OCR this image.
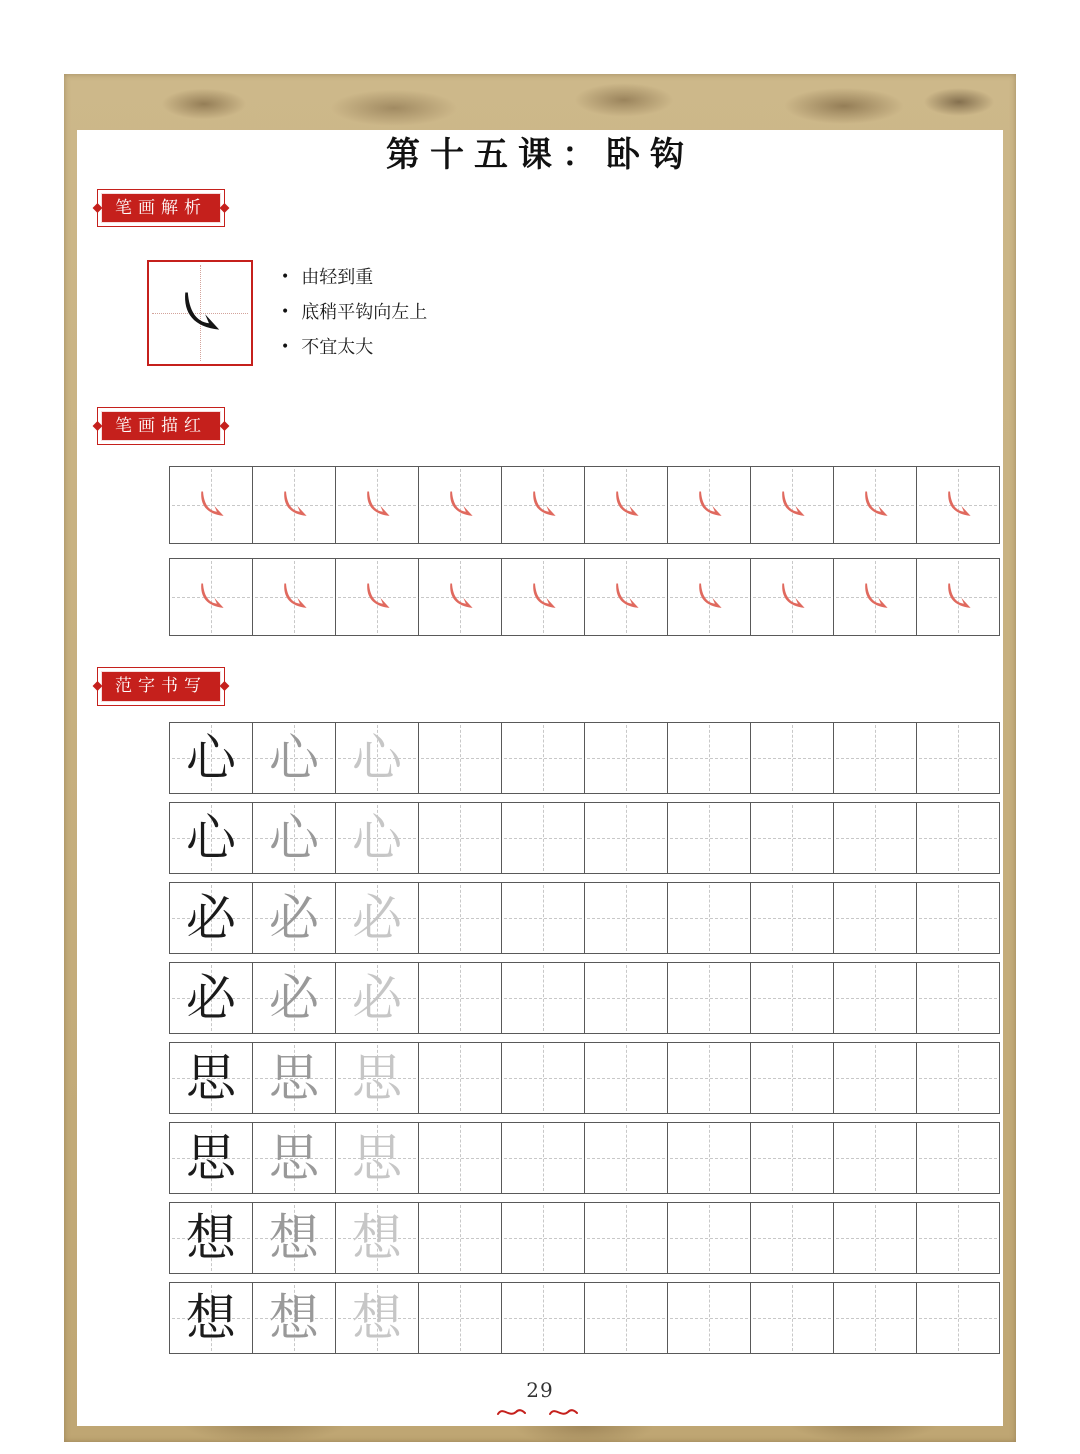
第十五课：卧钩
笔画解析
• 由轻到重
• 底稍平钩向左上
• 不宜太大
笔画描红
范字书写
心 心 心
心 心 心
必 必 必
必 必 必
思 思 思
思 思 思
想 想 想
想 想 想
29
